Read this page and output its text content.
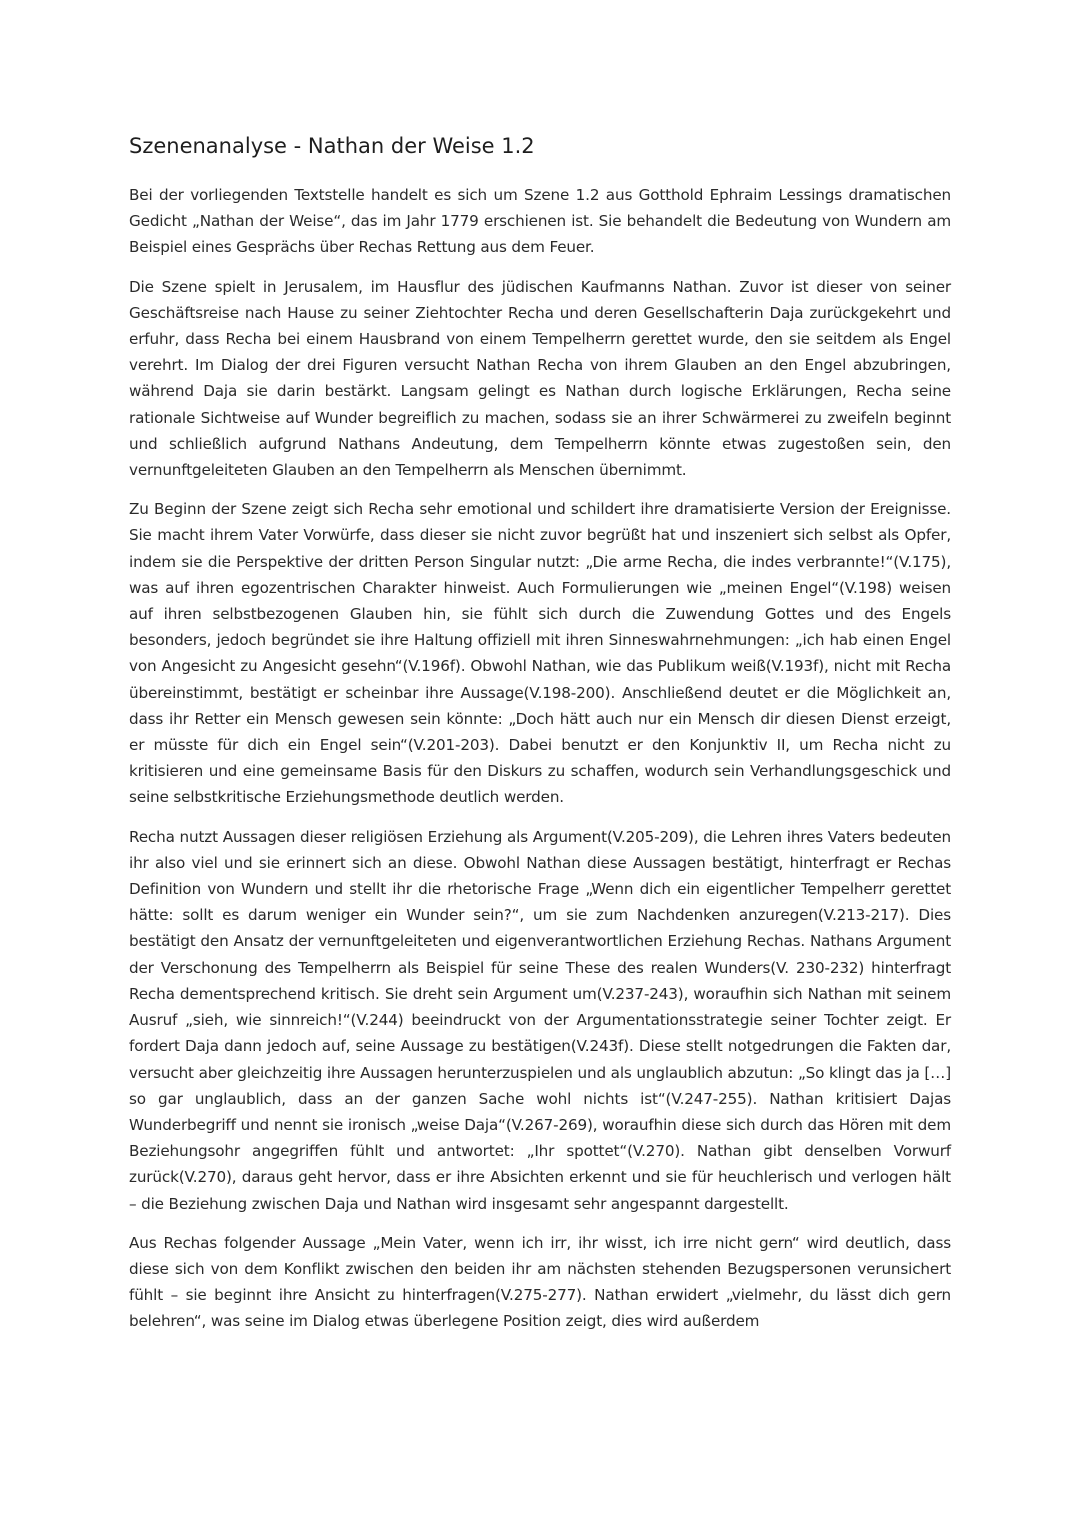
Szenenanalyse - Nathan der Weise 1.2

Bei der vorliegenden Textstelle handelt es sich um Szene 1.2 aus Gotthold Ephraim Lessings dramatischen Gedicht „Nathan der Weise“, das im Jahr 1779 erschienen ist. Sie behandelt die Bedeutung von Wundern am Beispiel eines Gesprächs über Rechas Rettung aus dem Feuer.

Die Szene spielt in Jerusalem, im Hausflur des jüdischen Kaufmanns Nathan. Zuvor ist dieser von seiner Geschäftsreise nach Hause zu seiner Ziehtochter Recha und deren Gesellschafterin Daja zurückgekehrt und erfuhr, dass Recha bei einem Hausbrand von einem Tempelherrn gerettet wurde, den sie seitdem als Engel verehrt. Im Dialog der drei Figuren versucht Nathan Recha von ihrem Glauben an den Engel abzubringen, während Daja sie darin bestärkt. Langsam gelingt es Nathan durch logische Erklärungen, Recha seine rationale Sichtweise auf Wunder begreiflich zu machen, sodass sie an ihrer Schwärmerei zu zweifeln beginnt und schließlich aufgrund Nathans Andeutung, dem Tempelherrn könnte etwas zugestoßen sein, den vernunftgeleiteten Glauben an den Tempelherrn als Menschen übernimmt.

Zu Beginn der Szene zeigt sich Recha sehr emotional und schildert ihre dramatisierte Version der Ereignisse. Sie macht ihrem Vater Vorwürfe, dass dieser sie nicht zuvor begrüßt hat und inszeniert sich selbst als Opfer, indem sie die Perspektive der dritten Person Singular nutzt: „Die arme Recha, die indes verbrannte!“(V.175), was auf ihren egozentrischen Charakter hinweist. Auch Formulierungen wie „meinen Engel“(V.198) weisen auf ihren selbstbezogenen Glauben hin, sie fühlt sich durch die Zuwendung Gottes und des Engels besonders, jedoch begründet sie ihre Haltung offiziell mit ihren Sinneswahrnehmungen: „ich hab einen Engel von Angesicht zu Angesicht gesehn“(V.196f). Obwohl Nathan, wie das Publikum weiß(V.193f), nicht mit Recha übereinstimmt, bestätigt er scheinbar ihre Aussage(V.198-200). Anschließend deutet er die Möglichkeit an, dass ihr Retter ein Mensch gewesen sein könnte: „Doch hätt auch nur ein Mensch dir diesen Dienst erzeigt, er müsste für dich ein Engel sein“(V.201-203). Dabei benutzt er den Konjunktiv II, um Recha nicht zu kritisieren und eine gemeinsame Basis für den Diskurs zu schaffen, wodurch sein Verhandlungsgeschick und seine selbstkritische Erziehungsmethode deutlich werden.

Recha nutzt Aussagen dieser religiösen Erziehung als Argument(V.205-209), die Lehren ihres Vaters bedeuten ihr also viel und sie erinnert sich an diese. Obwohl Nathan diese Aussagen bestätigt, hinterfragt er Rechas Definition von Wundern und stellt ihr die rhetorische Frage „Wenn dich ein eigentlicher Tempelherr gerettet hätte: sollt es darum weniger ein Wunder sein?“, um sie zum Nachdenken anzuregen(V.213-217). Dies bestätigt den Ansatz der vernunftgeleiteten und eigenverantwortlichen Erziehung Rechas. Nathans Argument der Verschonung des Tempelherrn als Beispiel für seine These des realen Wunders(V. 230-232) hinterfragt Recha dementsprechend kritisch. Sie dreht sein Argument um(V.237-243), woraufhin sich Nathan mit seinem Ausruf „sieh, wie sinnreich!“(V.244) beeindruckt von der Argumentationsstrategie seiner Tochter zeigt. Er fordert Daja dann jedoch auf, seine Aussage zu bestätigen(V.243f). Diese stellt notgedrungen die Fakten dar, versucht aber gleichzeitig ihre Aussagen herunterzuspielen und als unglaublich abzutun: „So klingt das ja […] so gar unglaublich, dass an der ganzen Sache wohl nichts ist“(V.247-255). Nathan kritisiert Dajas Wunderbegriff und nennt sie ironisch „weise Daja“(V.267-269), woraufhin diese sich durch das Hören mit dem Beziehungsohr angegriffen fühlt und antwortet: „Ihr spottet“(V.270). Nathan gibt denselben Vorwurf zurück(V.270), daraus geht hervor, dass er ihre Absichten erkennt und sie für heuchlerisch und verlogen hält – die Beziehung zwischen Daja und Nathan wird insgesamt sehr angespannt dargestellt.

Aus Rechas folgender Aussage „Mein Vater, wenn ich irr, ihr wisst, ich irre nicht gern“ wird deutlich, dass diese sich von dem Konflikt zwischen den beiden ihr am nächsten stehenden Bezugspersonen verunsichert fühlt – sie beginnt ihre Ansicht zu hinterfragen(V.275-277). Nathan erwidert „vielmehr, du lässt dich gern belehren“, was seine im Dialog etwas überlegene Position zeigt, dies wird außerdem
